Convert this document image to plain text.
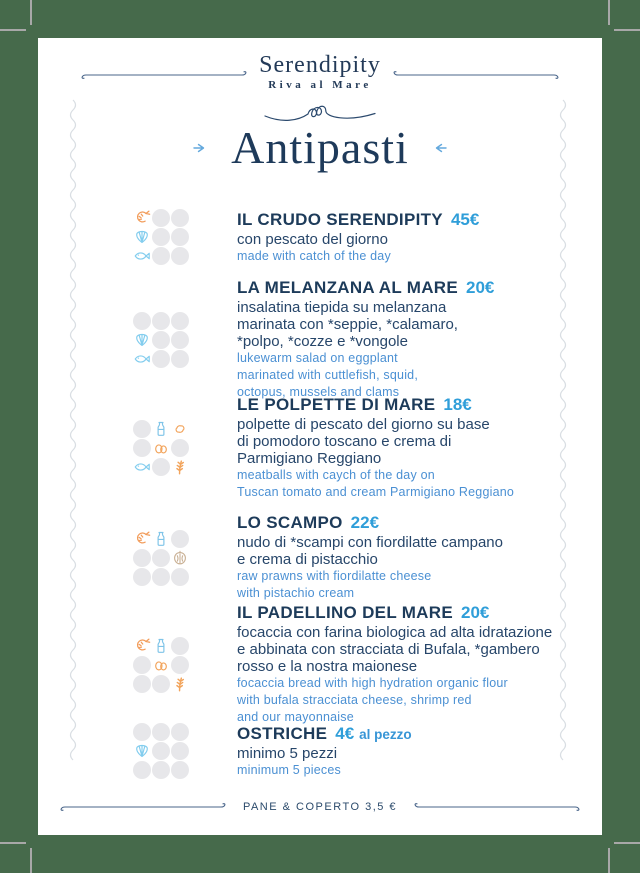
Serendipity
Riva al Mare
Antipasti
IL CRUDO SERENDIPITY 45€
con pescato del giorno
made with catch of the day
LA MELANZANA AL MARE 20€
insalatina tiepida su melanzana
marinata con *seppie, *calamaro,
*polpo, *cozze e *vongole
lukewarm salad on eggplant
marinated with cuttlefish, squid,
octopus, mussels and clams
LE POLPETTE DI MARE 18€
polpette di pescato del giorno su base
di pomodoro toscano e crema di
Parmigiano Reggiano
meatballs with caych of the day on
Tuscan tomato and cream Parmigiano Reggiano
LO SCAMPO 22€
nudo di *scampi con fiordilatte campano
e crema di pistacchio
raw prawns with fiordilatte cheese
with pistachio cream
IL PADELLINO DEL MARE 20€
focaccia con farina biologica ad alta idratazione
e abbinata con stracciata di Bufala, *gambero
rosso e la nostra maionese
focaccia bread with high hydration organic flour
with bufala stracciata cheese, shrimp red
and our mayonnaise
OSTRICHE 4€ al pezzo
minimo 5 pezzi
minimum 5 pieces
PANE & COPERTO 3,5 €
